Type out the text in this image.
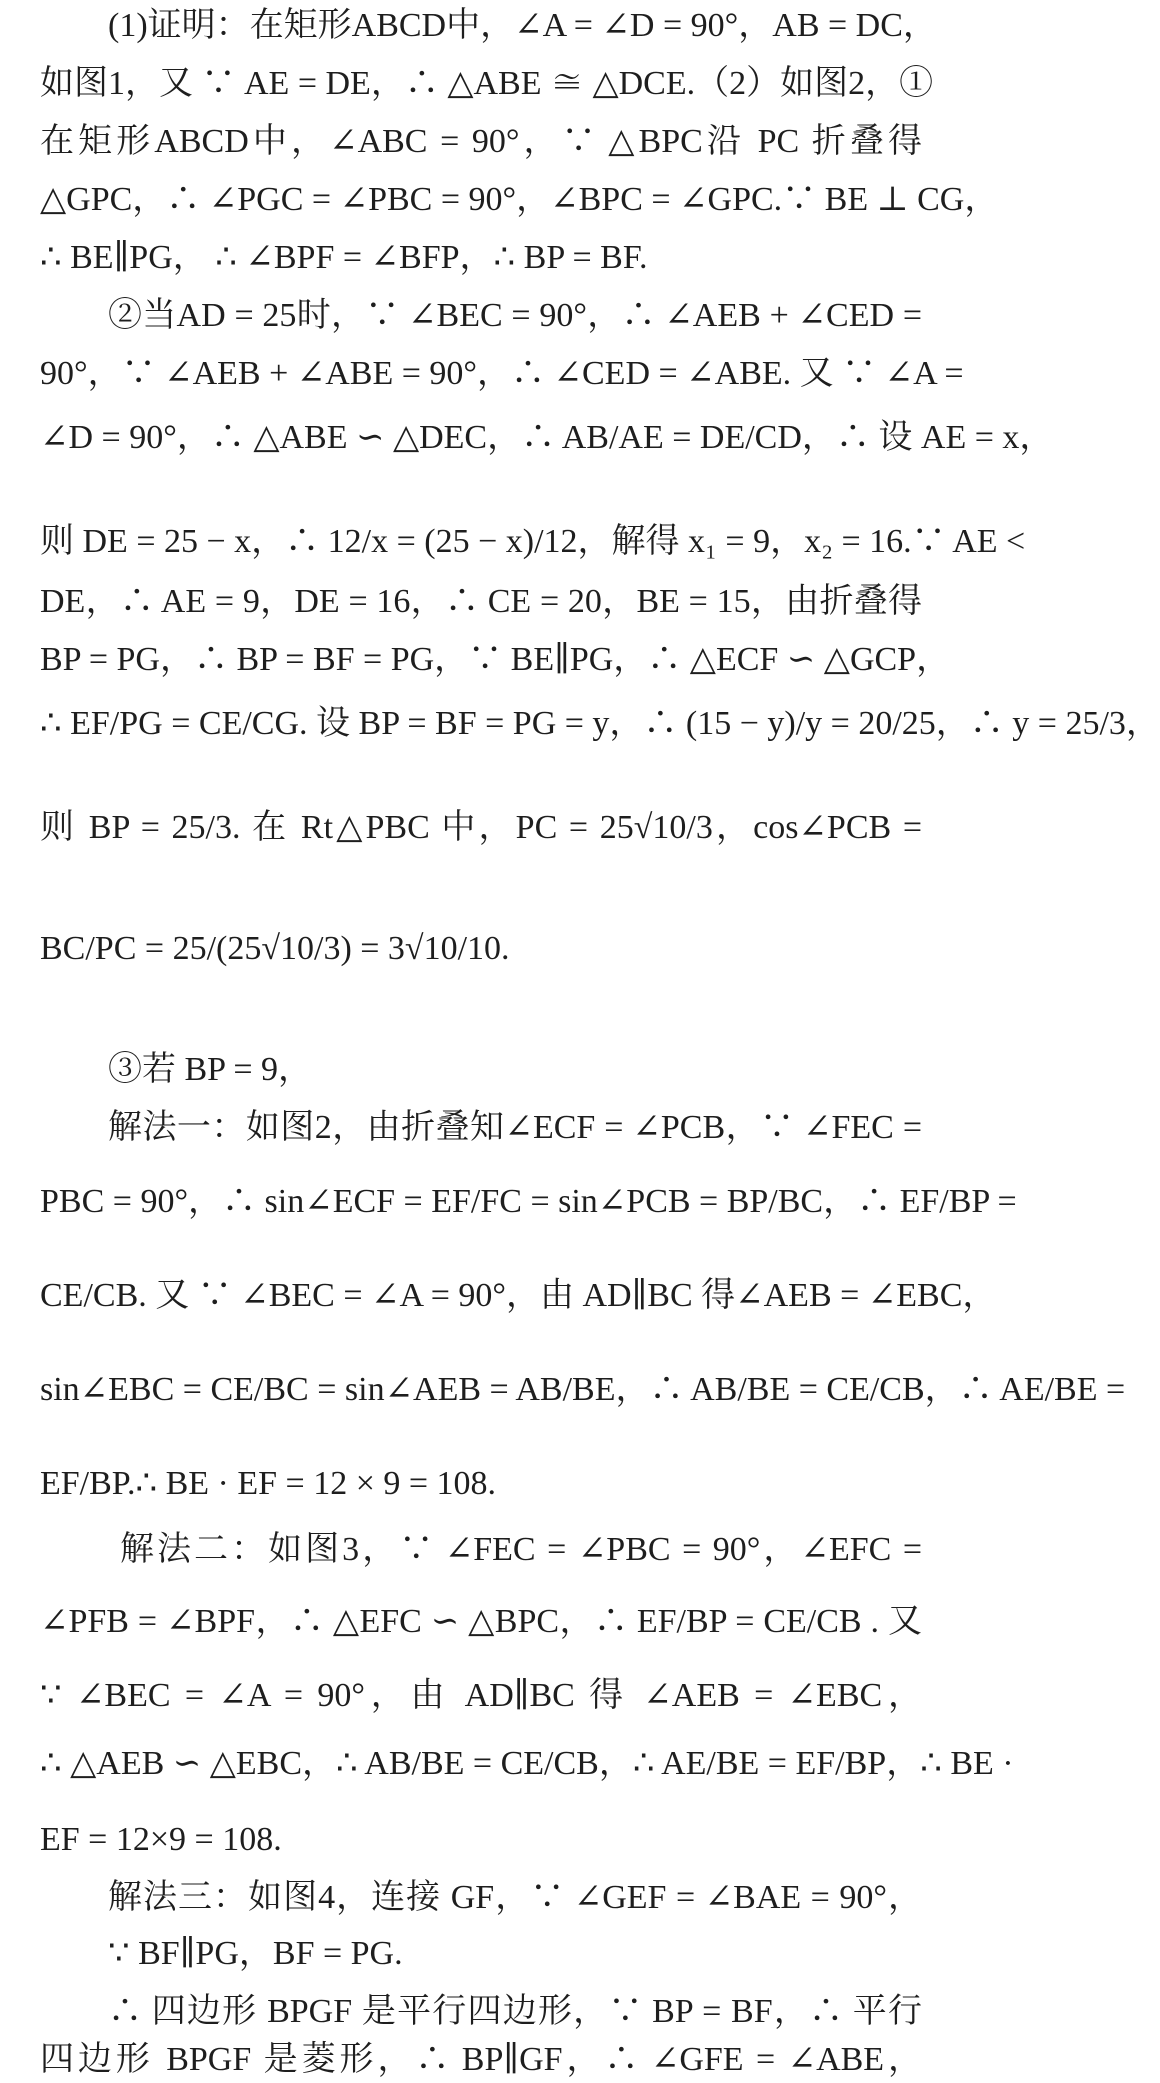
(1)证明：在矩形ABCD中，∠A = ∠D = 90°，AB = DC，
如图1，又 ∵ AE = DE，∴ △ABE ≅ △DCE.（2）如图2，①
在矩形ABCD中，∠ABC = 90°，∵ △BPC沿 PC 折叠得
△GPC，∴ ∠PGC = ∠PBC = 90°，∠BPC = ∠GPC.∵ BE ⊥ CG，
∴ BE∥PG， ∴ ∠BPF = ∠BFP，∴ BP = BF.
②当AD = 25时，∵ ∠BEC = 90°，∴ ∠AEB + ∠CED =
90°，∵ ∠AEB + ∠ABE = 90°，∴ ∠CED = ∠ABE. 又 ∵ ∠A =
∠D = 90°，∴ △ABE ∽ △DEC，∴ AB/AE = DE/CD，∴ 设 AE = x，
则 DE = 25 − x，∴ 12/x = (25 − x)/12，解得 x₁ = 9，x₂ = 16.∵ AE <
DE，∴ AE = 9，DE = 16，∴ CE = 20，BE = 15，由折叠得
BP = PG，∴ BP = BF = PG，∵ BE∥PG，∴ △ECF ∽ △GCP，
∴ EF/PG = CE/CG. 设 BP = BF = PG = y，∴ (15 − y)/y = 20/25，∴ y = 25/3，
则 BP = 25/3. 在 Rt△PBC 中，PC = 25√10/3，cos∠PCB =
BC/PC = 25/(25√10/3) = 3√10/10.
③若 BP = 9，
解法一：如图2，由折叠知∠ECF = ∠PCB，∵ ∠FEC =
PBC = 90°，∴ sin∠ECF = EF/FC = sin∠PCB = BP/BC，∴ EF/BP =
CE/CB. 又 ∵ ∠BEC = ∠A = 90°，由 AD∥BC 得∠AEB = ∠EBC，
sin∠EBC = CE/BC = sin∠AEB = AB/BE，∴ AB/BE = CE/CB，∴ AE/BE =
EF/BP.∴ BE · EF = 12 × 9 = 108.
解法二：如图3，∵ ∠FEC = ∠PBC = 90°，∠EFC =
∠PFB = ∠BPF，∴ △EFC ∽ △BPC，∴ EF/BP = CE/CB . 又
∵ ∠BEC = ∠A = 90°，由 AD∥BC 得 ∠AEB = ∠EBC，
∴ △AEB ∽ △EBC，∴ AB/BE = CE/CB，∴ AE/BE = EF/BP，∴ BE ·
EF = 12×9 = 108.
解法三：如图4，连接 GF，∵ ∠GEF = ∠BAE = 90°，
∵ BF∥PG，BF = PG.
∴ 四边形 BPGF 是平行四边形，∵ BP = BF，∴ 平行
四边形 BPGF 是菱形，∴ BP∥GF，∴ ∠GFE = ∠ABE，
